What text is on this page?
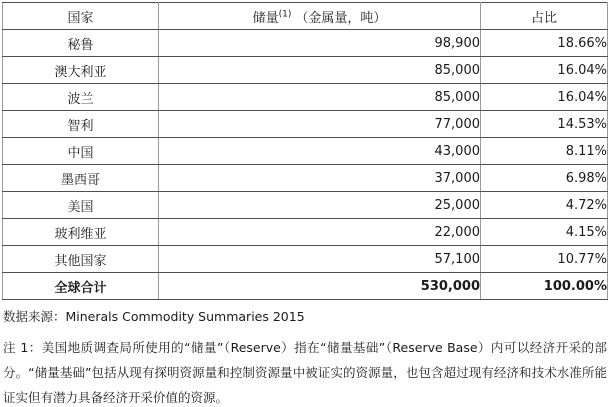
国家	储量$^{(1)}$ （金属量，吨）	占比
秘鲁	98,900	18.66%
澳大利亚	85,000	16.04%
波兰	85,000	16.04%
智利	77,000	14.53%
中国	43,000	8.11%
墨西哥	37,000	6.98%
美国	25,000	4.72%
玻利维亚	22,000	4.15%
其他国家	57,100	10.77%
全球合计	530,000	100.00%
数据来源：Minerals Commodity Summaries 2015
注 1：美国地质调查局所使用的“储量”（Reserve）指在“储量基础”（Reserve Base）内可以经济开采的部分。“储量基础”包括从现有探明资源量和控制资源量中被证实的资源量，也包含超过现有经济和技术水准所能证实但有潜力具备经济开采价值的资源。
